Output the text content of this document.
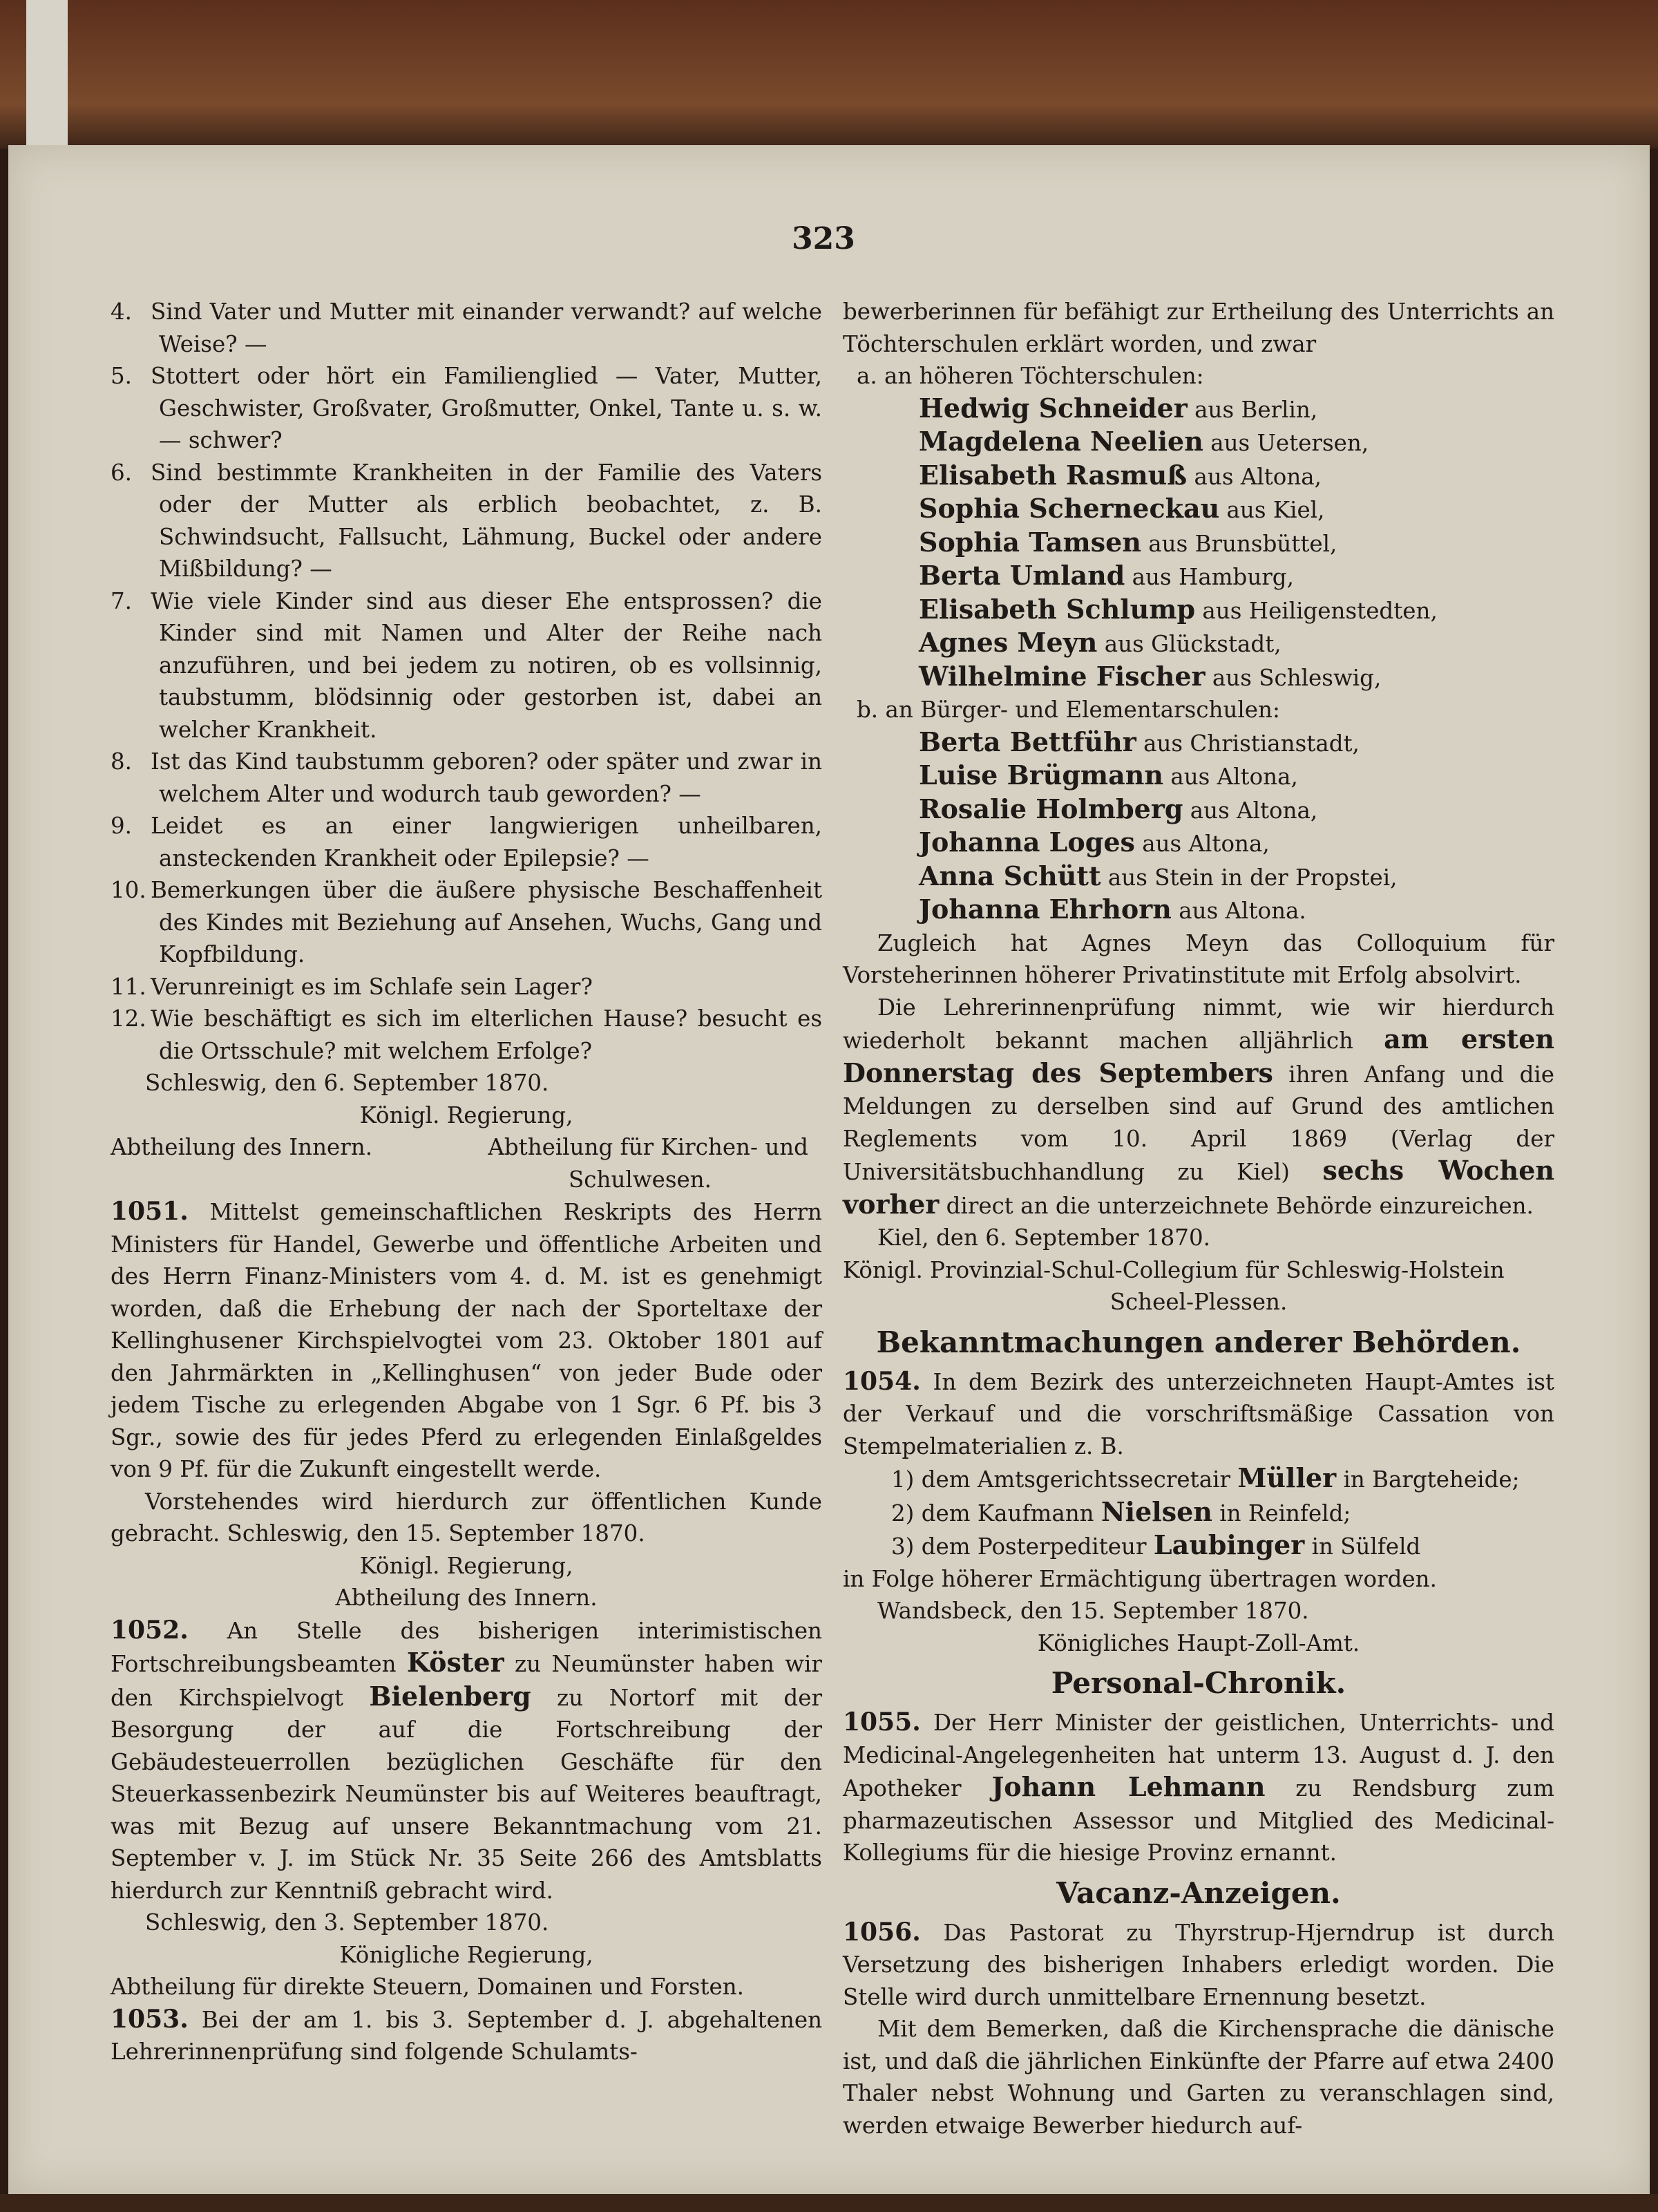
323

4. Sind Vater und Mutter mit einander verwandt? auf welche Weise? —

5. Stottert oder hört ein Familienglied — Vater, Mutter, Geschwister, Großvater, Großmutter, Onkel, Tante u. s. w. — schwer?

6. Sind bestimmte Krankheiten in der Familie des Vaters oder der Mutter als erblich beobachtet, z. B. Schwindsucht, Fallsucht, Lähmung, Buckel oder andere Mißbildung? —

7. Wie viele Kinder sind aus dieser Ehe entsprossen? die Kinder sind mit Namen und Alter der Reihe nach anzuführen, und bei jedem zu notiren, ob es vollsinnig, taubstumm, blödsinnig oder gestorben ist, dabei an welcher Krankheit.

8. Ist das Kind taubstumm geboren? oder später und zwar in welchem Alter und wodurch taub geworden? —

9. Leidet es an einer langwierigen unheilbaren, ansteckenden Krankheit oder Epilepsie? —

10. Bemerkungen über die äußere physische Beschaffenheit des Kindes mit Beziehung auf Ansehen, Wuchs, Gang und Kopfbildung.

11. Verunreinigt es im Schlafe sein Lager?

12. Wie beschäftigt es sich im elterlichen Hause? besucht es die Ortsschule? mit welchem Erfolge?

Schleswig, den 6. September 1870.

Königl. Regierung,

Abtheilung des Innern.	Abtheilung für Kirchen- und

Schulwesen.

1051. Mittelst gemeinschaftlichen Reskripts des Herrn Ministers für Handel, Gewerbe und öffentliche Arbeiten und des Herrn Finanz-Ministers vom 4. d. M. ist es genehmigt worden, daß die Erhebung der nach der Sporteltaxe der Kellinghusener Kirchspielvogtei vom 23. Oktober 1801 auf den Jahrmärkten in „Kellinghusen“ von jeder Bude oder jedem Tische zu erlegenden Abgabe von 1 Sgr. 6 Pf. bis 3 Sgr., sowie des für jedes Pferd zu erlegenden Einlaßgeldes von 9 Pf. für die Zukunft eingestellt werde.

Vorstehendes wird hierdurch zur öffentlichen Kunde gebracht. Schleswig, den 15. September 1870.

Königl. Regierung,

Abtheilung des Innern.

1052. An Stelle des bisherigen interimistischen Fortschreibungsbeamten Köster zu Neumünster haben wir den Kirchspielvogt Bielenberg zu Nortorf mit der Besorgung der auf die Fortschreibung der Gebäudesteuerrollen bezüglichen Geschäfte für den Steuerkassenbezirk Neumünster bis auf Weiteres beauftragt, was mit Bezug auf unsere Bekanntmachung vom 21. September v. J. im Stück Nr. 35 Seite 266 des Amtsblatts hierdurch zur Kenntniß gebracht wird.

Schleswig, den 3. September 1870.

Königliche Regierung,

Abtheilung für direkte Steuern, Domainen und Forsten.

1053. Bei der am 1. bis 3. September d. J. abgehaltenen Lehrerinnenprüfung sind folgende Schulamts-

bewerberinnen für befähigt zur Ertheilung des Unterrichts an Töchterschulen erklärt worden, und zwar

a. an höheren Töchterschulen:

Hedwig Schneider aus Berlin,

Magdelena Neelien aus Uetersen,

Elisabeth Rasmuß aus Altona,

Sophia Scherneckau aus Kiel,

Sophia Tamsen aus Brunsbüttel,

Berta Umland aus Hamburg,

Elisabeth Schlump aus Heiligenstedten,

Agnes Meyn aus Glückstadt,

Wilhelmine Fischer aus Schleswig,

b. an Bürger- und Elementarschulen:

Berta Bettführ aus Christianstadt,

Luise Brügmann aus Altona,

Rosalie Holmberg aus Altona,

Johanna Loges aus Altona,

Anna Schütt aus Stein in der Propstei,

Johanna Ehrhorn aus Altona.

Zugleich hat Agnes Meyn das Colloquium für Vorsteherinnen höherer Privatinstitute mit Erfolg absolvirt.

Die Lehrerinnenprüfung nimmt, wie wir hierdurch wiederholt bekannt machen alljährlich am ersten Donnerstag des Septembers ihren Anfang und die Meldungen zu derselben sind auf Grund des amtlichen Reglements vom 10. April 1869 (Verlag der Universitätsbuchhandlung zu Kiel) sechs Wochen vorher direct an die unterzeichnete Behörde einzureichen.

Kiel, den 6. September 1870.

Königl. Provinzial-Schul-Collegium für Schleswig-Holstein

Scheel-Plessen.

Bekanntmachungen anderer Behörden.

1054. In dem Bezirk des unterzeichneten Haupt-Amtes ist der Verkauf und die vorschriftsmäßige Cassation von Stempelmaterialien z. B.

1) dem Amtsgerichtssecretair Müller in Bargteheide;

2) dem Kaufmann Nielsen in Reinfeld;

3) dem Posterpediteur Laubinger in Sülfeld

in Folge höherer Ermächtigung übertragen worden.

Wandsbeck, den 15. September 1870.

Königliches Haupt-Zoll-Amt.

Personal-Chronik.

1055. Der Herr Minister der geistlichen, Unterrichts- und Medicinal-Angelegenheiten hat unterm 13. August d. J. den Apotheker Johann Lehmann zu Rendsburg zum pharmazeutischen Assessor und Mitglied des Medicinal-Kollegiums für die hiesige Provinz ernannt.

Vacanz-Anzeigen.

1056. Das Pastorat zu Thyrstrup-Hjerndrup ist durch Versetzung des bisherigen Inhabers erledigt worden. Die Stelle wird durch unmittelbare Ernennung besetzt.

Mit dem Bemerken, daß die Kirchensprache die dänische ist, und daß die jährlichen Einkünfte der Pfarre auf etwa 2400 Thaler nebst Wohnung und Garten zu veranschlagen sind, werden etwaige Bewerber hiedurch auf-
